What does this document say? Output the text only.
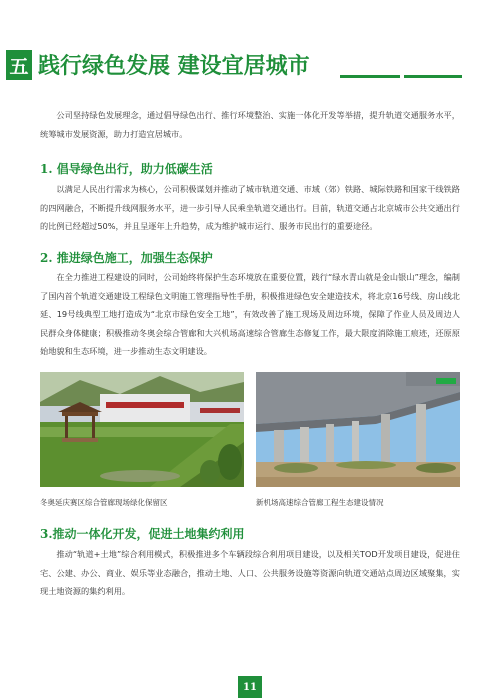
五 践行绿色发展 建设宜居城市

公司坚持绿色发展理念，通过倡导绿色出行、推行环境整治、实施一体化开发等举措，提升轨道交通服务水平，统筹城市发展资源，助力打造宜居城市。

1. 倡导绿色出行，助力低碳生活

以满足人民出行需求为核心，公司积极谋划并推动了城市轨道交通、市域（郊）铁路、城际铁路和国家干线铁路的四网融合，不断提升线网服务水平，进一步引导人民乘坐轨道交通出行。目前，轨道交通占北京城市公共交通出行的比例已经超过50%，并且呈逐年上升趋势，成为维护城市运行、服务市民出行的重要途径。

2. 推进绿色施工，加强生态保护

在全力推进工程建设的同时，公司始终将保护生态环境放在重要位置，践行“绿水青山就是金山银山”理念，编制了国内首个轨道交通建设工程绿色文明施工管理指导性手册，积极推进绿色安全建造技术，将北京16号线、房山线北延、19号线典型工地打造成为“北京市绿色安全工地”，有效改善了施工现场及周边环境，保障了作业人员及周边人民群众身体健康；积极推动冬奥会综合管廊和大兴机场高速综合管廊生态修复工作，最大限度消除施工痕迹，还原原始地貌和生态环境，进一步推动生态文明建设。

冬奥延庆赛区综合管廊现场绿化保留区	新机场高速综合管廊工程生态建设情况
3.推动一体化开发，促进土地集约利用

推动“轨道+土地”综合利用模式，积极推进多个车辆段综合利用项目建设，以及相关TOD开发项目建设，促进住宅、公建、办公、商业、娱乐等业态融合，推动土地、人口、公共服务设施等资源向轨道交通站点周边区域聚集，实现土地资源的集约利用。

11
